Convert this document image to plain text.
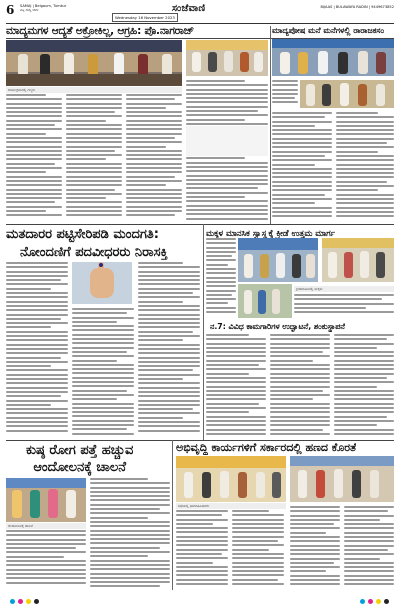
6 SAMAJ | Belgaum, Tumkur
ಎಸ್ಪಿ ಸುದ್ದಿ ಜಾಲ
Wednesday 16 November 2023
ಸಂಜೆವಾಣಿ	BIJAAS | BULAWAYA RADIN | 9449673852
ಮಾದ್ಯಮಗಳ ಆದ್ಯತೆ ಅಕ್ರೋಕಿಲ್ಲ, ಆಗ್ರಹಿ: ಪೊ.ನಾಗರಾಜ್	ಮಾದ್ಯಪೋಷ ಮನೆ ಮನೆಗಳಲ್ಲಿ ರಾರಾಜಕಸಂ
ಕಾರ್ಯಕ್ರಮದಲ್ಲಿ ಗಣ್ಯರು
ಮತದಾರರ ಪಟ್ಟಿಸೇರಿಪಡಿ ಮಂದಗತಿ:
ನೋಂದಣಿಗೆ ಪದವೀಧರರು ನಿರಾಸಕ್ತಿ
ಮಕ್ಕಳ ಮಾನಸಿಕ ಸ್ವಾಸ್ಥ್ಯಕ್ಕೆ ಕ್ರೀಡೆ ಉತ್ತಮ ಮಾರ್ಗ
ಕ್ರೀಡಾಕೂಟದಲ್ಲಿ ಮಕ್ಕಳು
ನ.7: ವಿವಿಧ ಕಾಮಗಾರಿಗಳ ಉದ್ಘಾಟನೆ, ಶಂಕುಸ್ಥಾಪನೆ
ಕುಷ್ಠ ರೋಗ ಪತ್ತೆ ಹಚ್ಚುವ
ಆಂದೋಲನಕ್ಕೆ ಚಾಲನೆ
ಅಭಿವೃದ್ಧಿ ಕಾರ್ಯಗಳಿಗೆ ಸರ್ಕಾರದಲ್ಲಿ ಹಣದ ಕೊರತೆ
ಆಂದೋಲನಕ್ಕೆ ಚಾಲನೆ
ಸಭೆಯಲ್ಲಿ ಭಾಗವಹಿಸಿದವರು
